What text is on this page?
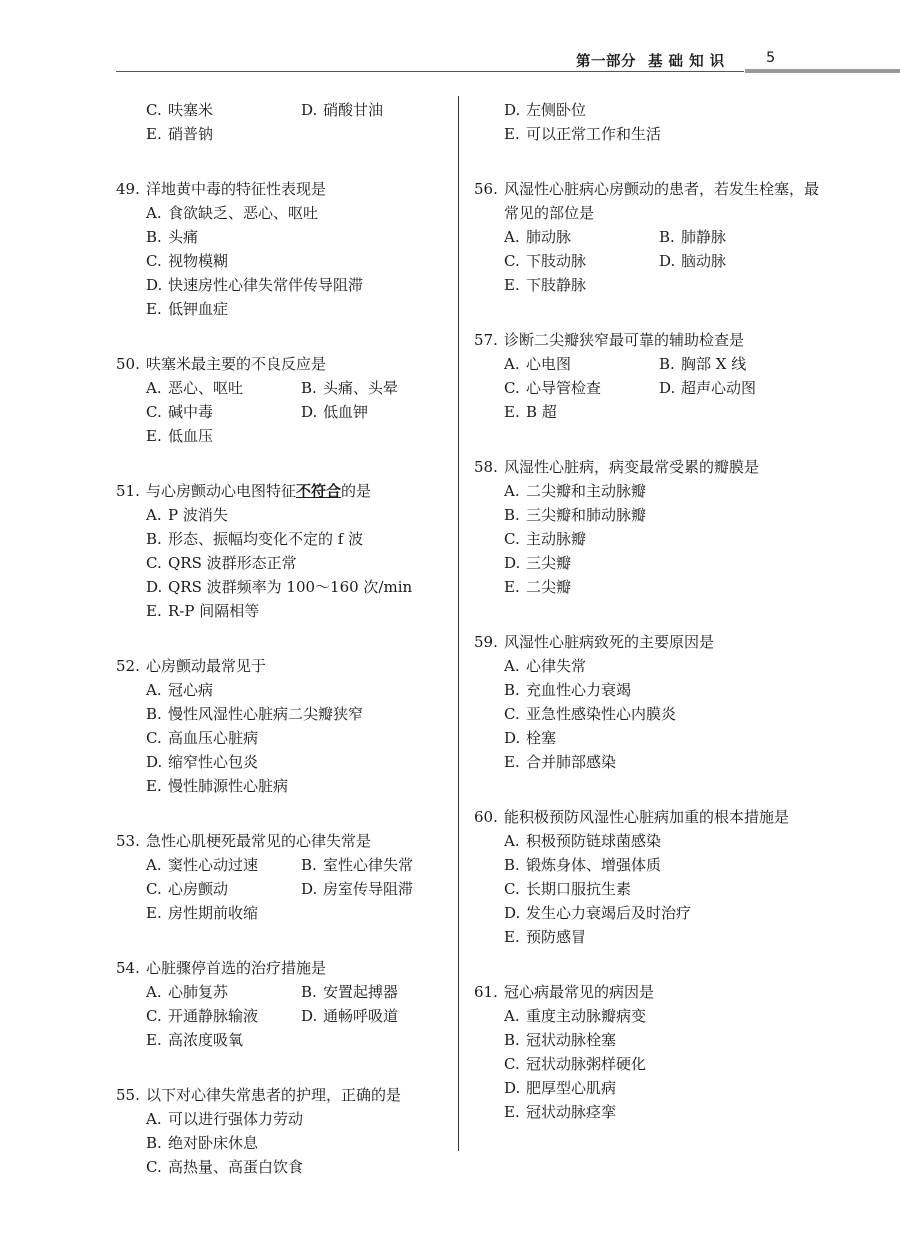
第一部分 基 础 知 识	5
C. 呋塞米	D. 硝酸甘油
E. 硝普钠
49. 洋地黄中毒的特征性表现是
A. 食欲缺乏、恶心、呕吐
B. 头痛
C. 视物模糊
D. 快速房性心律失常伴传导阻滞
E. 低钾血症
50. 呋塞米最主要的不良反应是
A. 恶心、呕吐	B. 头痛、头晕
C. 碱中毒	D. 低血钾
E. 低血压
51. 与心房颤动心电图特征不符合的是
A. P 波消失
B. 形态、振幅均变化不定的 f 波
C. QRS 波群形态正常
D. QRS 波群频率为 100～160 次/min
E. R-P 间隔相等
52. 心房颤动最常见于
A. 冠心病
B. 慢性风湿性心脏病二尖瓣狭窄
C. 高血压心脏病
D. 缩窄性心包炎
E. 慢性肺源性心脏病
53. 急性心肌梗死最常见的心律失常是
A. 窦性心动过速	B. 室性心律失常
C. 心房颤动	D. 房室传导阻滞
E. 房性期前收缩
54. 心脏骤停首选的治疗措施是
A. 心肺复苏	B. 安置起搏器
C. 开通静脉输液	D. 通畅呼吸道
E. 高浓度吸氧
55. 以下对心律失常患者的护理，正确的是
A. 可以进行强体力劳动
B. 绝对卧床休息
C. 高热量、高蛋白饮食
D. 左侧卧位
E. 可以正常工作和生活
56. 风湿性心脏病心房颤动的患者，若发生栓塞，最常见的部位是
A. 肺动脉	B. 肺静脉
C. 下肢动脉	D. 脑动脉
E. 下肢静脉
57. 诊断二尖瓣狭窄最可靠的辅助检查是
A. 心电图	B. 胸部 X 线
C. 心导管检查	D. 超声心动图
E. B 超
58. 风湿性心脏病，病变最常受累的瓣膜是
A. 二尖瓣和主动脉瓣
B. 三尖瓣和肺动脉瓣
C. 主动脉瓣
D. 三尖瓣
E. 二尖瓣
59. 风湿性心脏病致死的主要原因是
A. 心律失常
B. 充血性心力衰竭
C. 亚急性感染性心内膜炎
D. 栓塞
E. 合并肺部感染
60. 能积极预防风湿性心脏病加重的根本措施是
A. 积极预防链球菌感染
B. 锻炼身体、增强体质
C. 长期口服抗生素
D. 发生心力衰竭后及时治疗
E. 预防感冒
61. 冠心病最常见的病因是
A. 重度主动脉瓣病变
B. 冠状动脉栓塞
C. 冠状动脉粥样硬化
D. 肥厚型心肌病
E. 冠状动脉痉挛
